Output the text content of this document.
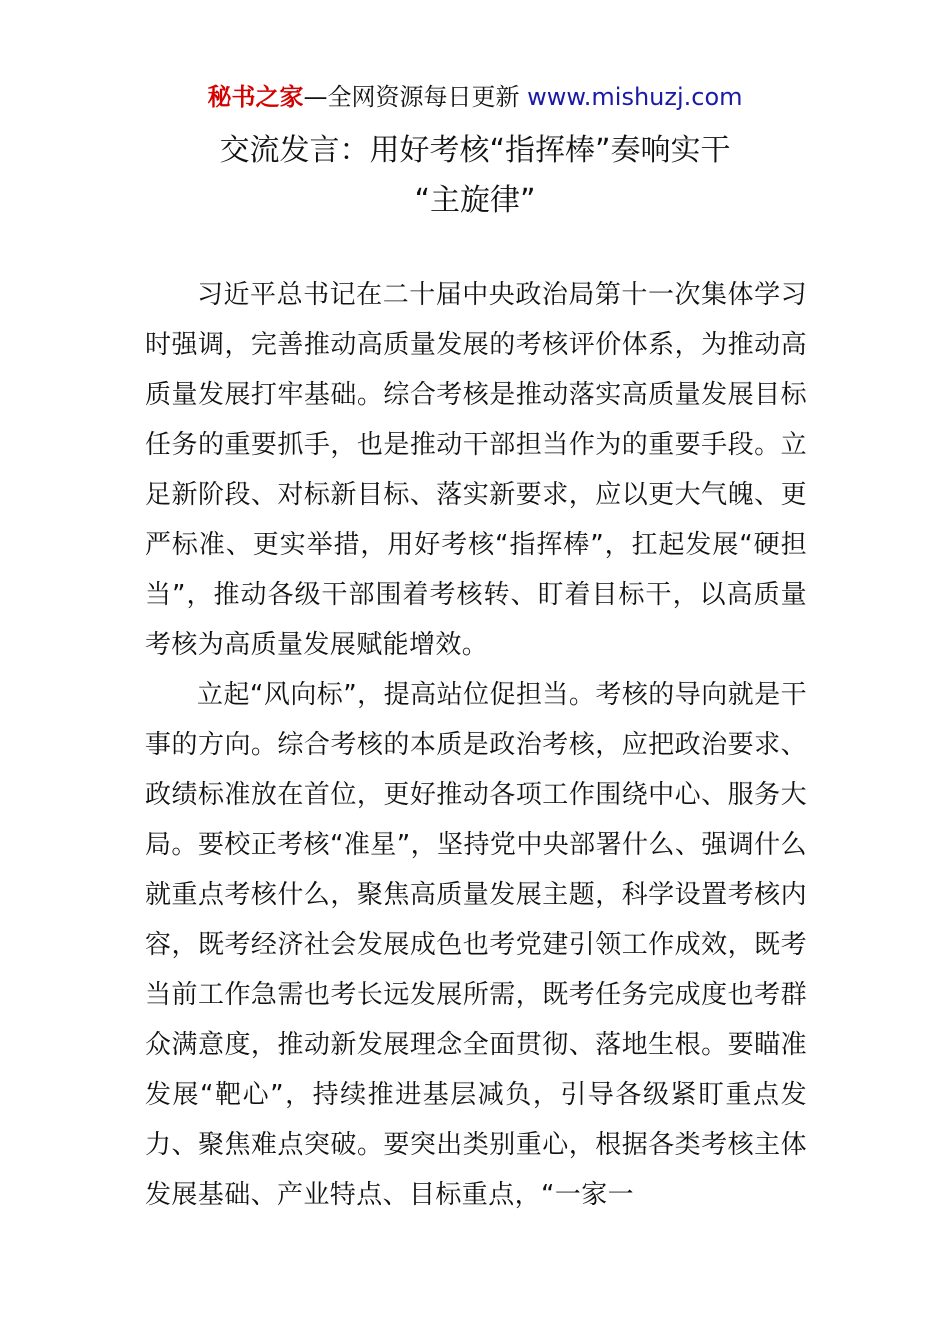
秘书之家—全网资源每日更新 www.mishuzj.com
交流发言：用好考核“指挥棒”奏响实干
“主旋律”

习近平总书记在二十届中央政治局第十一次集体学习时强调，完善推动高质量发展的考核评价体系，为推动高质量发展打牢基础。综合考核是推动落实高质量发展目标任务的重要抓手，也是推动干部担当作为的重要手段。立足新阶段、对标新目标、落实新要求，应以更大气魄、更严标准、更实举措，用好考核“指挥棒”，扛起发展“硬担当”，推动各级干部围着考核转、盯着目标干，以高质量考核为高质量发展赋能增效。

立起“风向标”，提高站位促担当。考核的导向就是干事的方向。综合考核的本质是政治考核，应把政治要求、政绩标准放在首位，更好推动各项工作围绕中心、服务大局。要校正考核“准星”，坚持党中央部署什么、强调什么就重点考核什么，聚焦高质量发展主题，科学设置考核内容，既考经济社会发展成色也考党建引领工作成效，既考当前工作急需也考长远发展所需，既考任务完成度也考群众满意度，推动新发展理念全面贯彻、落地生根。要瞄准发展“靶心”，持续推进基层减负，引导各级紧盯重点发力、聚焦难点突破。要突出类别重心，根据各类考核主体发展基础、产业特点、目标重点，“一家一
